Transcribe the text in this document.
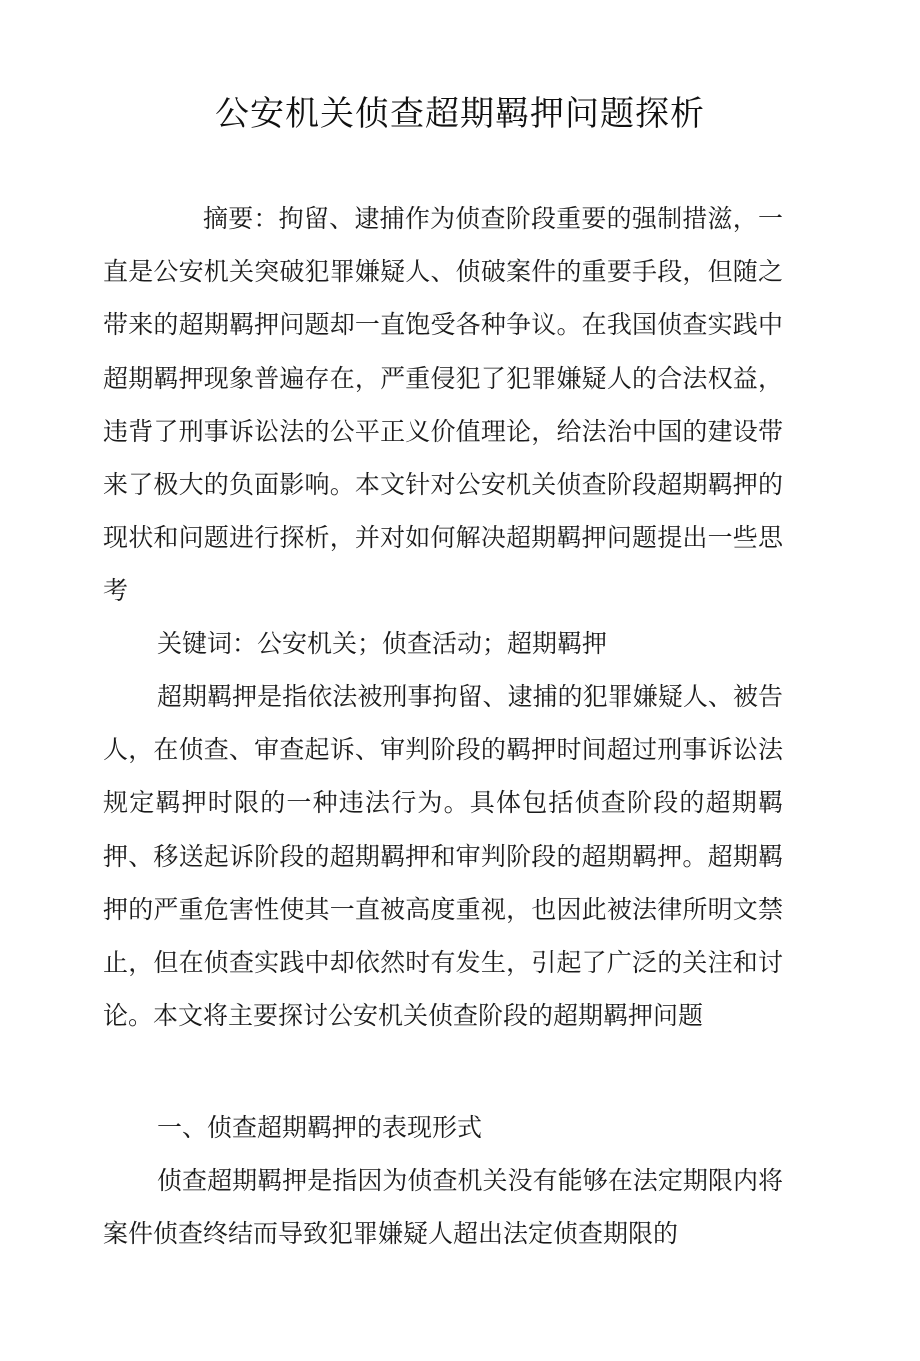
公安机关侦查超期羁押问题探析

摘要：拘留、逮捕作为侦查阶段重要的强制措滋，一直是公安机关突破犯罪嫌疑人、侦破案件的重要手段，但随之带来的超期羁押问题却一直饱受各种争议。在我国侦查实践中超期羁押现象普遍存在，严重侵犯了犯罪嫌疑人的合法权益，违背了刑事诉讼法的公平正义价值理论，给法治中国的建设带来了极大的负面影响。本文针对公安机关侦查阶段超期羁押的现状和问题进行探析，并对如何解决超期羁押问题提出一些思考

关键词：公安机关；侦查活动；超期羁押

超期羁押是指依法被刑事拘留、逮捕的犯罪嫌疑人、被告人，在侦查、审查起诉、审判阶段的羁押时间超过刑事诉讼法规定羁押时限的一种违法行为。具体包括侦查阶段的超期羁押、移送起诉阶段的超期羁押和审判阶段的超期羁押。超期羁押的严重危害性使其一直被高度重视，也因此被法律所明文禁止，但在侦查实践中却依然时有发生，引起了广泛的关注和讨论。本文将主要探讨公安机关侦查阶段的超期羁押问题

一、侦查超期羁押的表现形式

侦查超期羁押是指因为侦查机关没有能够在法定期限内将案件侦查终结而导致犯罪嫌疑人超出法定侦查期限的
